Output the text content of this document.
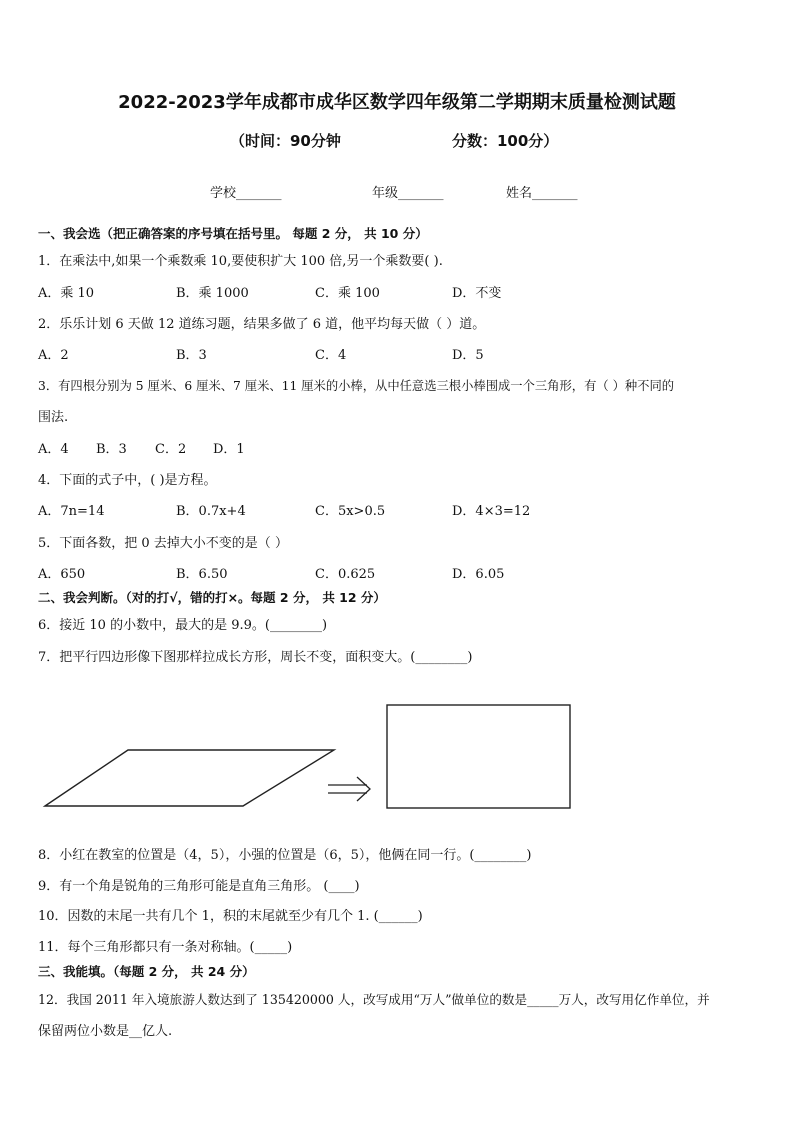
2022-2023学年成都市成华区数学四年级第二学期期末质量检测试题
（时间：90分钟	分数：100分）
学校_______	年级_______	姓名_______
一、我会选（把正确答案的序号填在括号里。 每题 2 分， 共 10 分）
1．在乘法中,如果一个乘数乘 10,要使积扩大 100 倍,另一个乘数要( ).
A．乘 10	B．乘 1000	C．乘 100	D．不变
2．乐乐计划 6 天做 12 道练习题，结果多做了 6 道，他平均每天做（ ）道。
A．2	B．3	C．4	D．5
3．有四根分别为 5 厘米、6 厘米、7 厘米、11 厘米的小棒，从中任意选三根小棒围成一个三角形，有（ ）种不同的
围法.
A．4 B．3 C．2 D．1
4．下面的式子中，( )是方程。
A．7n=14	B．0.7x+4	C．5x>0.5	D．4×3=12
5．下面各数，把 0 去掉大小不变的是（ ）
A．650	B．6.50	C．0.625	D．6.05
二、我会判断。（对的打√，错的打×。每题 2 分， 共 12 分）
6．接近 10 的小数中，最大的是 9.9。(________)
7．把平行四边形像下图那样拉成长方形，周长不变，面积变大。(________)
8．小红在教室的位置是（4，5），小强的位置是（6，5），他俩在同一行。(________)
9．有一个角是锐角的三角形可能是直角三角形。 (____)
10．因数的末尾一共有几个 1，积的末尾就至少有几个 1. (______)
11．每个三角形都只有一条对称轴。(_____)
三、我能填。（每题 2 分， 共 24 分）
12．我国 2011 年入境旅游人数达到了 135420000 人，改写成用“万人”做单位的数是_____万人，改写用亿作单位，并
保留两位小数是__亿人.
